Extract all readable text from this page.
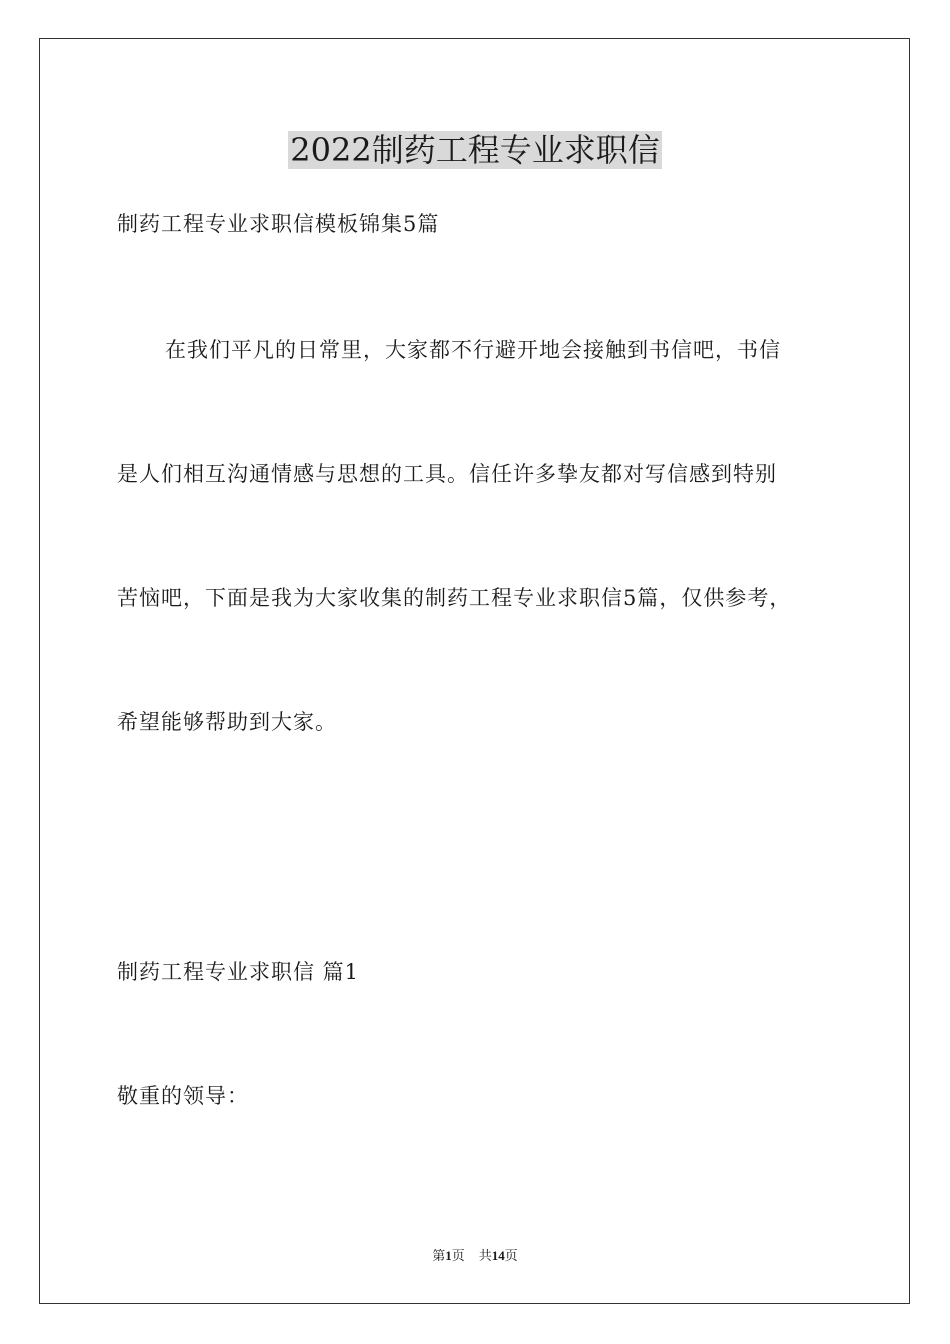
2022制药工程专业求职信

制药工程专业求职信模板锦集5篇

在我们平凡的日常里，大家都不行避开地会接触到书信吧，书信

是人们相互沟通情感与思想的工具。信任许多挚友都对写信感到特别

苦恼吧，下面是我为大家收集的制药工程专业求职信5篇，仅供参考，

希望能够帮助到大家。

制药工程专业求职信 篇1

敬重的领导：

第1页 共14页
